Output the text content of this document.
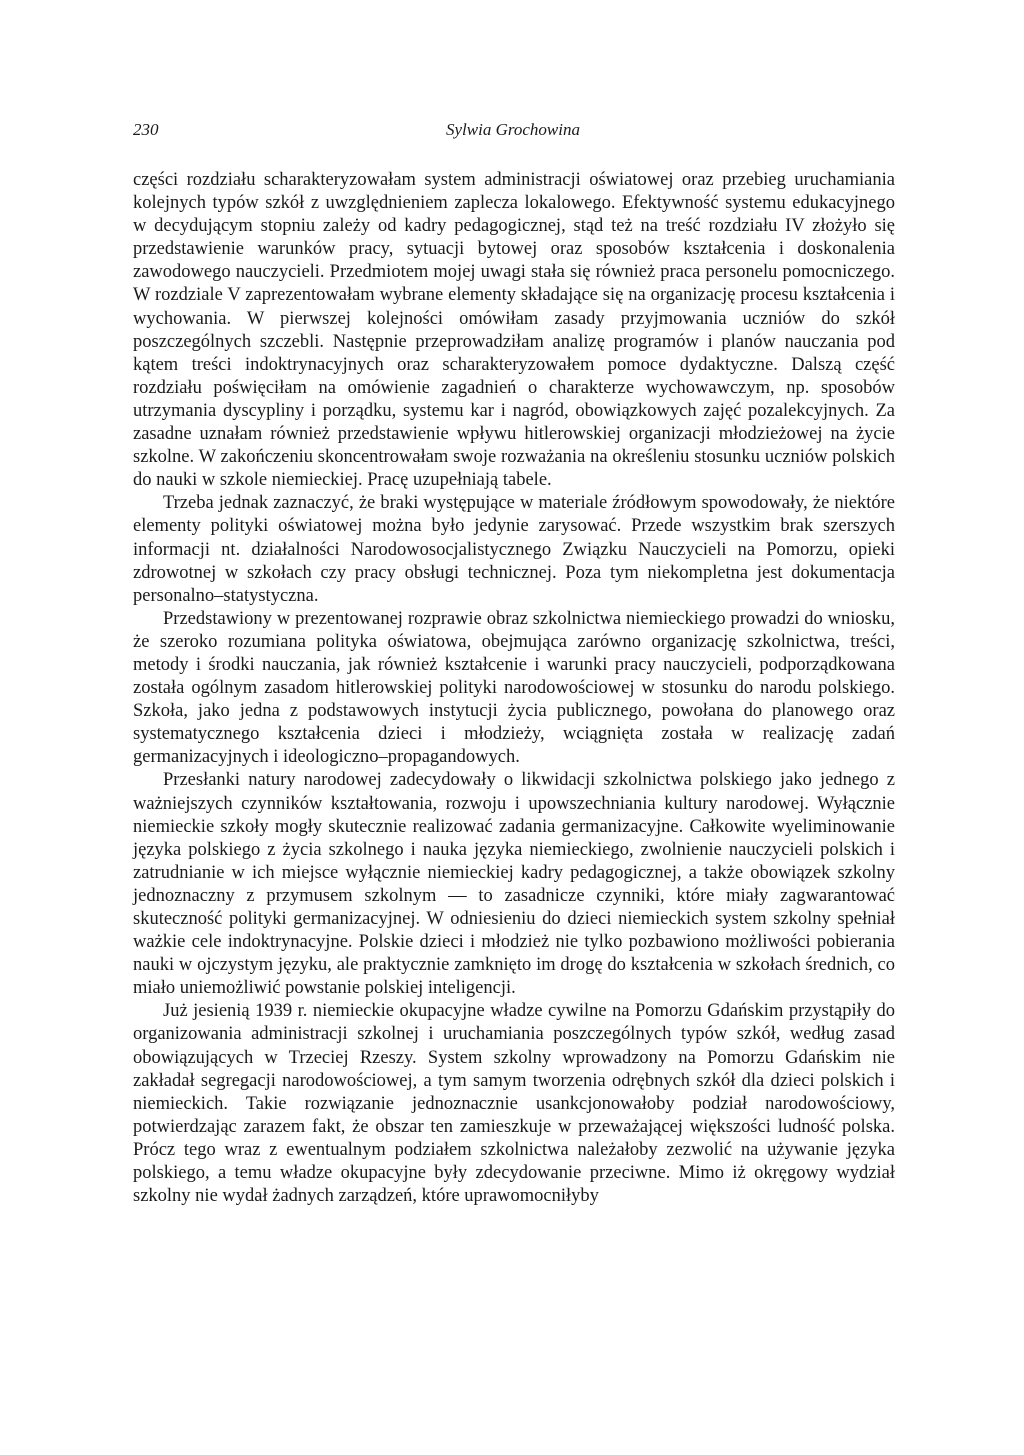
230	Sylwia Grochowina

części rozdziału scharakteryzowałam system administracji oświatowej oraz przebieg uruchamiania kolejnych typów szkół z uwzględnieniem zaplecza lokalowego. Efektywność systemu edukacyjnego w decydującym stopniu zależy od kadry pedagogicznej, stąd też na treść rozdziału IV złożyło się przedstawienie warunków pracy, sytuacji bytowej oraz sposobów kształcenia i doskonalenia zawodowego nauczycieli. Przedmiotem mojej uwagi stała się również praca personelu pomocniczego. W rozdziale V zaprezentowałam wybrane elementy składające się na organizację procesu kształcenia i wychowania. W pierwszej kolejności omówiłam zasady przyjmowania uczniów do szkół poszczególnych szczebli. Następnie przeprowadziłam analizę programów i planów nauczania pod kątem treści indoktrynacyjnych oraz scharakteryzowałem pomoce dydaktyczne. Dalszą część rozdziału poświęciłam na omówienie zagadnień o charakterze wychowawczym, np. sposobów utrzymania dyscypliny i porządku, systemu kar i nagród, obowiązkowych zajęć pozalekcyjnych. Za zasadne uznałam również przedstawienie wpływu hitlerowskiej organizacji młodzieżowej na życie szkolne. W zakończeniu skoncentrowałam swoje rozważania na określeniu stosunku uczniów polskich do nauki w szkole niemieckiej. Pracę uzupełniają tabele.

Trzeba jednak zaznaczyć, że braki występujące w materiale źródłowym spowodowały, że niektóre elementy polityki oświatowej można było jedynie zarysować. Przede wszystkim brak szerszych informacji nt. działalności Narodowosocjalistycznego Związku Nauczycieli na Pomorzu, opieki zdrowotnej w szkołach czy pracy obsługi technicznej. Poza tym niekompletna jest dokumentacja personalno–statystyczna.

Przedstawiony w prezentowanej rozprawie obraz szkolnictwa niemieckiego prowadzi do wniosku, że szeroko rozumiana polityka oświatowa, obejmująca zarówno organizację szkolnictwa, treści, metody i środki nauczania, jak również kształcenie i warunki pracy nauczycieli, podporządkowana została ogólnym zasadom hitlerowskiej polityki narodowościowej w stosunku do narodu polskiego. Szkoła, jako jedna z podstawowych instytucji życia publicznego, powołana do planowego oraz systematycznego kształcenia dzieci i młodzieży, wciągnięta została w realizację zadań germanizacyjnych i ideologiczno–propagandowych.

Przesłanki natury narodowej zadecydowały o likwidacji szkolnictwa polskiego jako jednego z ważniejszych czynników kształtowania, rozwoju i upowszechniania kultury narodowej. Wyłącznie niemieckie szkoły mogły skutecznie realizować zadania germanizacyjne. Całkowite wyeliminowanie języka polskiego z życia szkolnego i nauka języka niemieckiego, zwolnienie nauczycieli polskich i zatrudnianie w ich miejsce wyłącznie niemieckiej kadry pedagogicznej, a także obowiązek szkolny jednoznaczny z przymusem szkolnym — to zasadnicze czynniki, które miały zagwarantować skuteczność polityki germanizacyjnej. W odniesieniu do dzieci niemieckich system szkolny spełniał ważkie cele indoktrynacyjne. Polskie dzieci i młodzież nie tylko pozbawiono możliwości pobierania nauki w ojczystym języku, ale praktycznie zamknięto im drogę do kształcenia w szkołach średnich, co miało uniemożliwić powstanie polskiej inteligencji.

Już jesienią 1939 r. niemieckie okupacyjne władze cywilne na Pomorzu Gdańskim przystąpiły do organizowania administracji szkolnej i uruchamiania poszczególnych typów szkół, według zasad obowiązujących w Trzeciej Rzeszy. System szkolny wprowadzony na Pomorzu Gdańskim nie zakładał segregacji narodowościowej, a tym samym tworzenia odrębnych szkół dla dzieci polskich i niemieckich. Takie rozwiązanie jednoznacznie usankcjonowałoby podział narodowościowy, potwierdzając zarazem fakt, że obszar ten zamieszkuje w przeważającej większości ludność polska. Prócz tego wraz z ewentualnym podziałem szkolnictwa należałoby zezwolić na używanie języka polskiego, a temu władze okupacyjne były zdecydowanie przeciwne. Mimo iż okręgowy wydział szkolny nie wydał żadnych zarządzeń, które uprawomocniłyby
